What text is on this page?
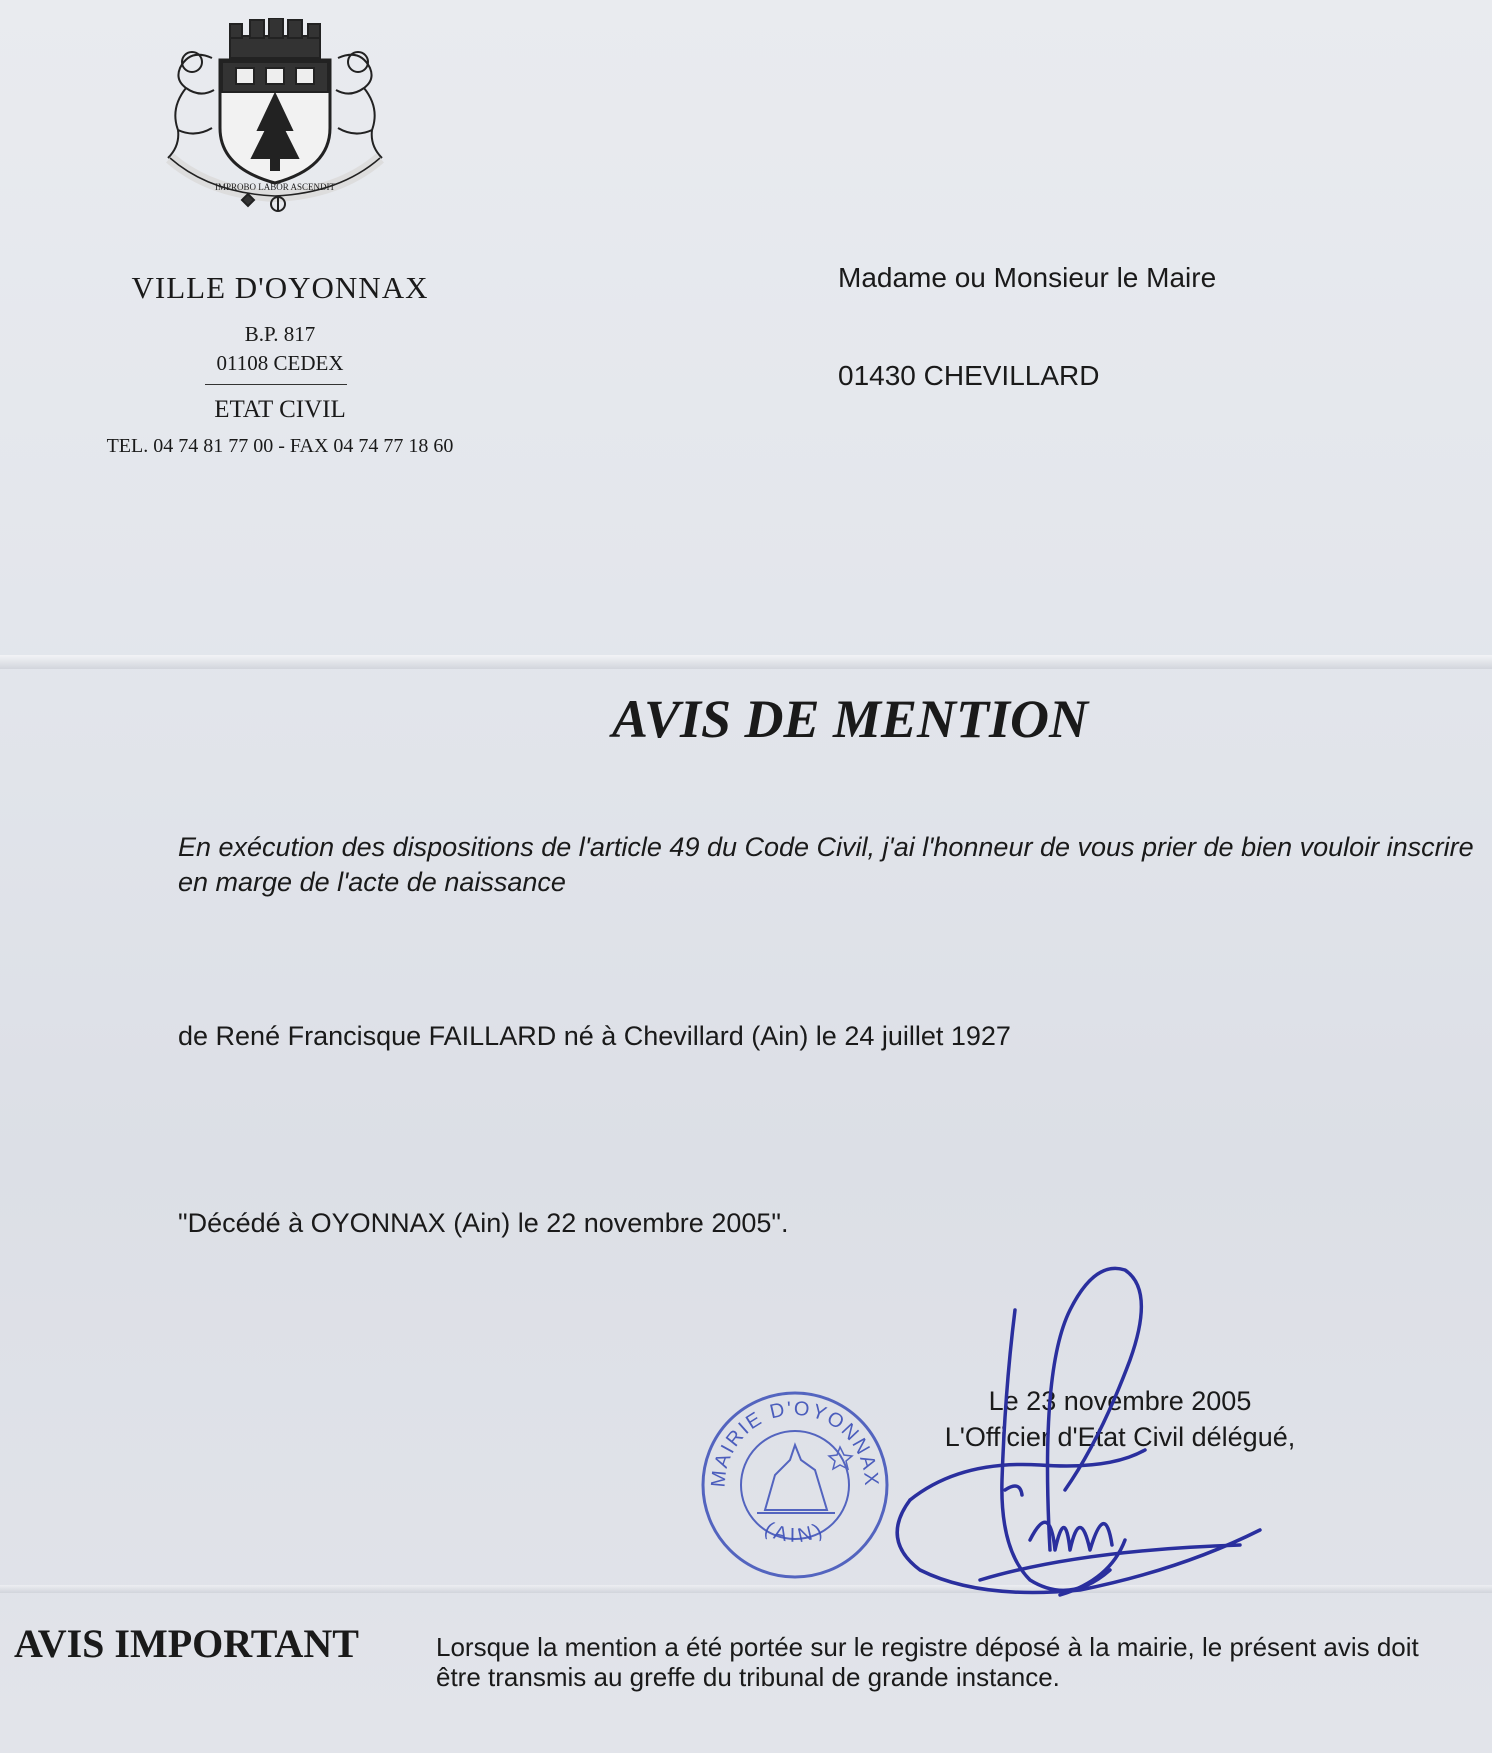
IMPROBO LABOR ASCENDIT
VILLE D'OYONNAX
B.P. 817
01108 CEDEX
ETAT CIVIL
TEL. 04 74 81 77 00 - FAX 04 74 77 18 60
Madame ou Monsieur le Maire
01430 CHEVILLARD
AVIS DE MENTION
En exécution des dispositions de l'article 49 du Code Civil, j'ai l'honneur de vous prier de bien vouloir inscrire en marge de l'acte de naissance
de René Francisque FAILLARD né à Chevillard (Ain) le 24 juillet 1927
"Décédé à OYONNAX (Ain) le 22 novembre 2005".
MAIRIE D'OYONNAX
(AIN)
Le 23 novembre 2005
L'Officier d'Etat Civil délégué,
AVIS IMPORTANT	Lorsque la mention a été portée sur le registre déposé à la mairie, le présent avis doit être transmis au greffe du tribunal de grande instance.
